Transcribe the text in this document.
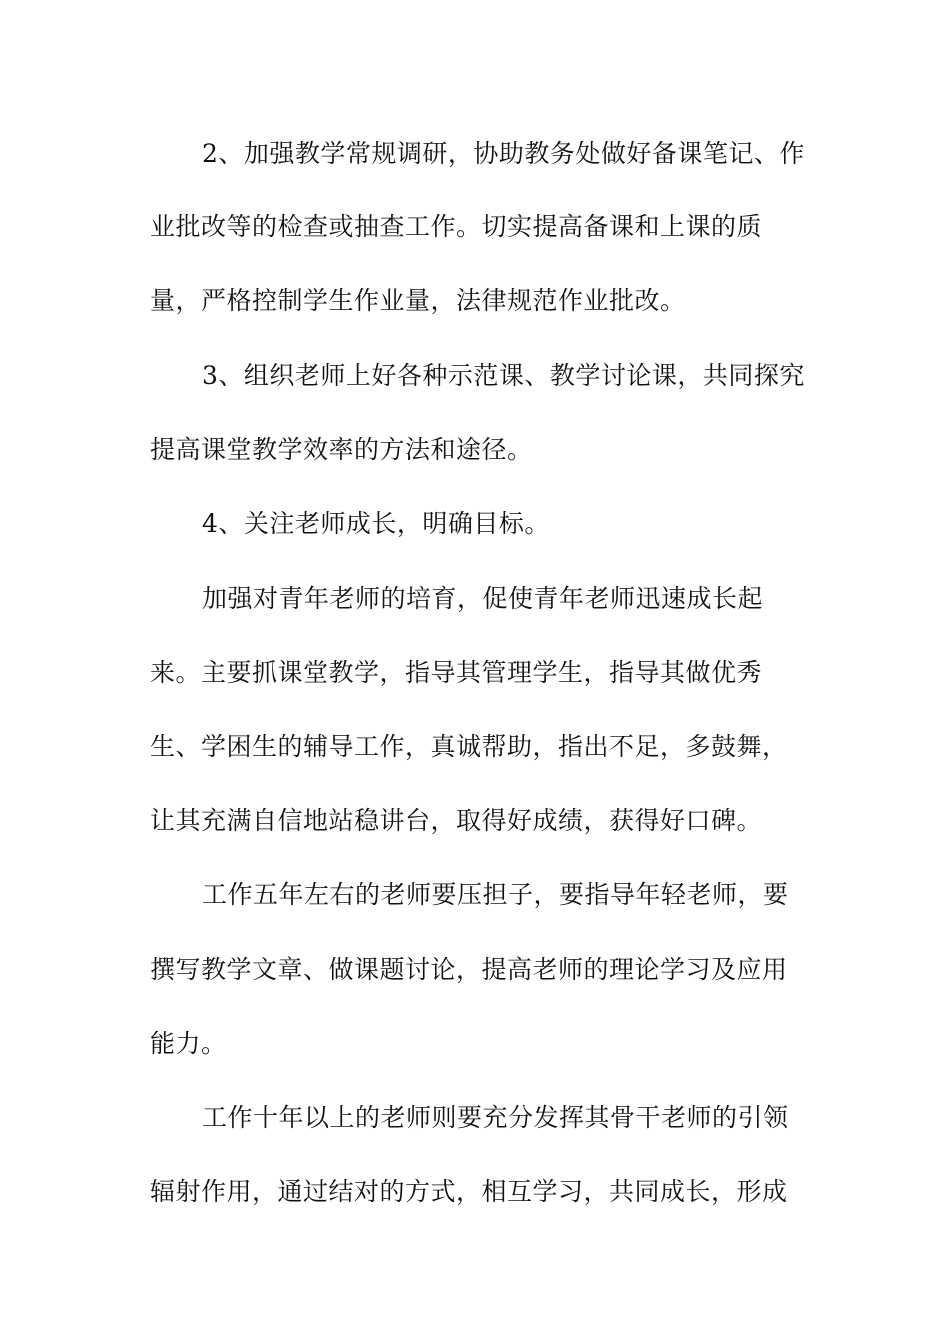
2、加强教学常规调研，协助教务处做好备课笔记、作
业批改等的检查或抽查工作。切实提高备课和上课的质
量，严格控制学生作业量，法律规范作业批改。
3、组织老师上好各种示范课、教学讨论课，共同探究
提高课堂教学效率的方法和途径。
4、关注老师成长，明确目标。
加强对青年老师的培育，促使青年老师迅速成长起
来。主要抓课堂教学，指导其管理学生，指导其做优秀
生、学困生的辅导工作，真诚帮助，指出不足，多鼓舞，
让其充满自信地站稳讲台，取得好成绩，获得好口碑。
工作五年左右的老师要压担子，要指导年轻老师，要
撰写教学文章、做课题讨论，提高老师的理论学习及应用
能力。
工作十年以上的老师则要充分发挥其骨干老师的引领
辐射作用，通过结对的方式，相互学习，共同成长，形成
